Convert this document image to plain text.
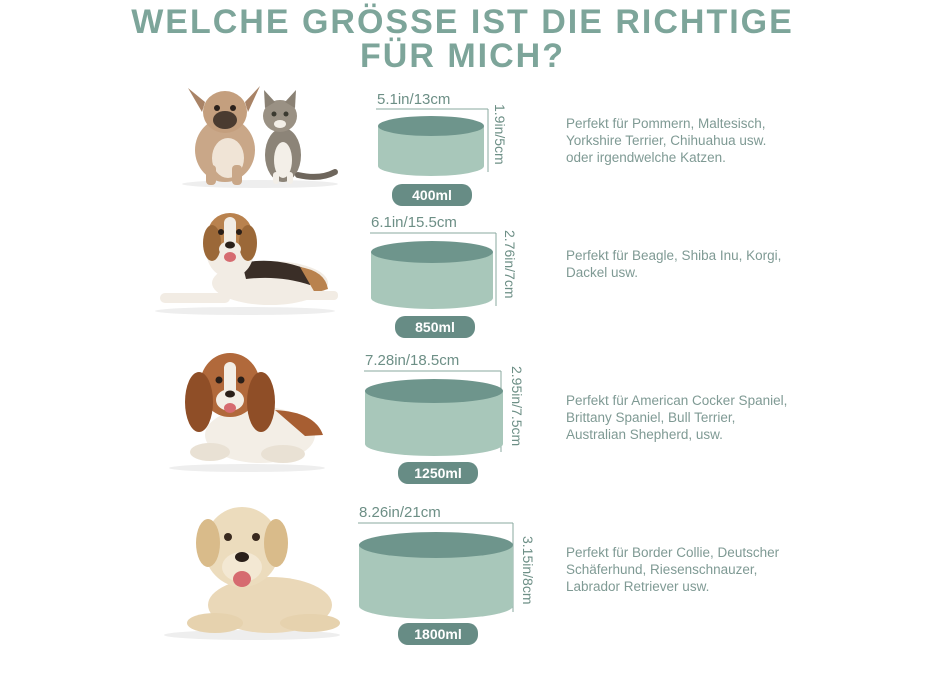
WELCHE GRÖSSE IST DIE RICHTIGE
FÜR MICH?
5.1in/13cm
1.9in/5cm
400ml
Perfekt für Pommern, Maltesisch, Yorkshire Terrier, Chihuahua usw. oder irgendwelche Katzen.
6.1in/15.5cm
2.76in/7cm
850ml
Perfekt für Beagle, Shiba Inu, Korgi, Dackel usw.
7.28in/18.5cm
2.95in/7.5cm
1250ml
Perfekt für American Cocker Spaniel, Brittany Spaniel, Bull Terrier, Australian Shepherd, usw.
8.26in/21cm
3.15in/8cm
1800ml
Perfekt für Border Collie, Deutscher Schäferhund, Riesenschnauzer, Labrador Retriever usw.
